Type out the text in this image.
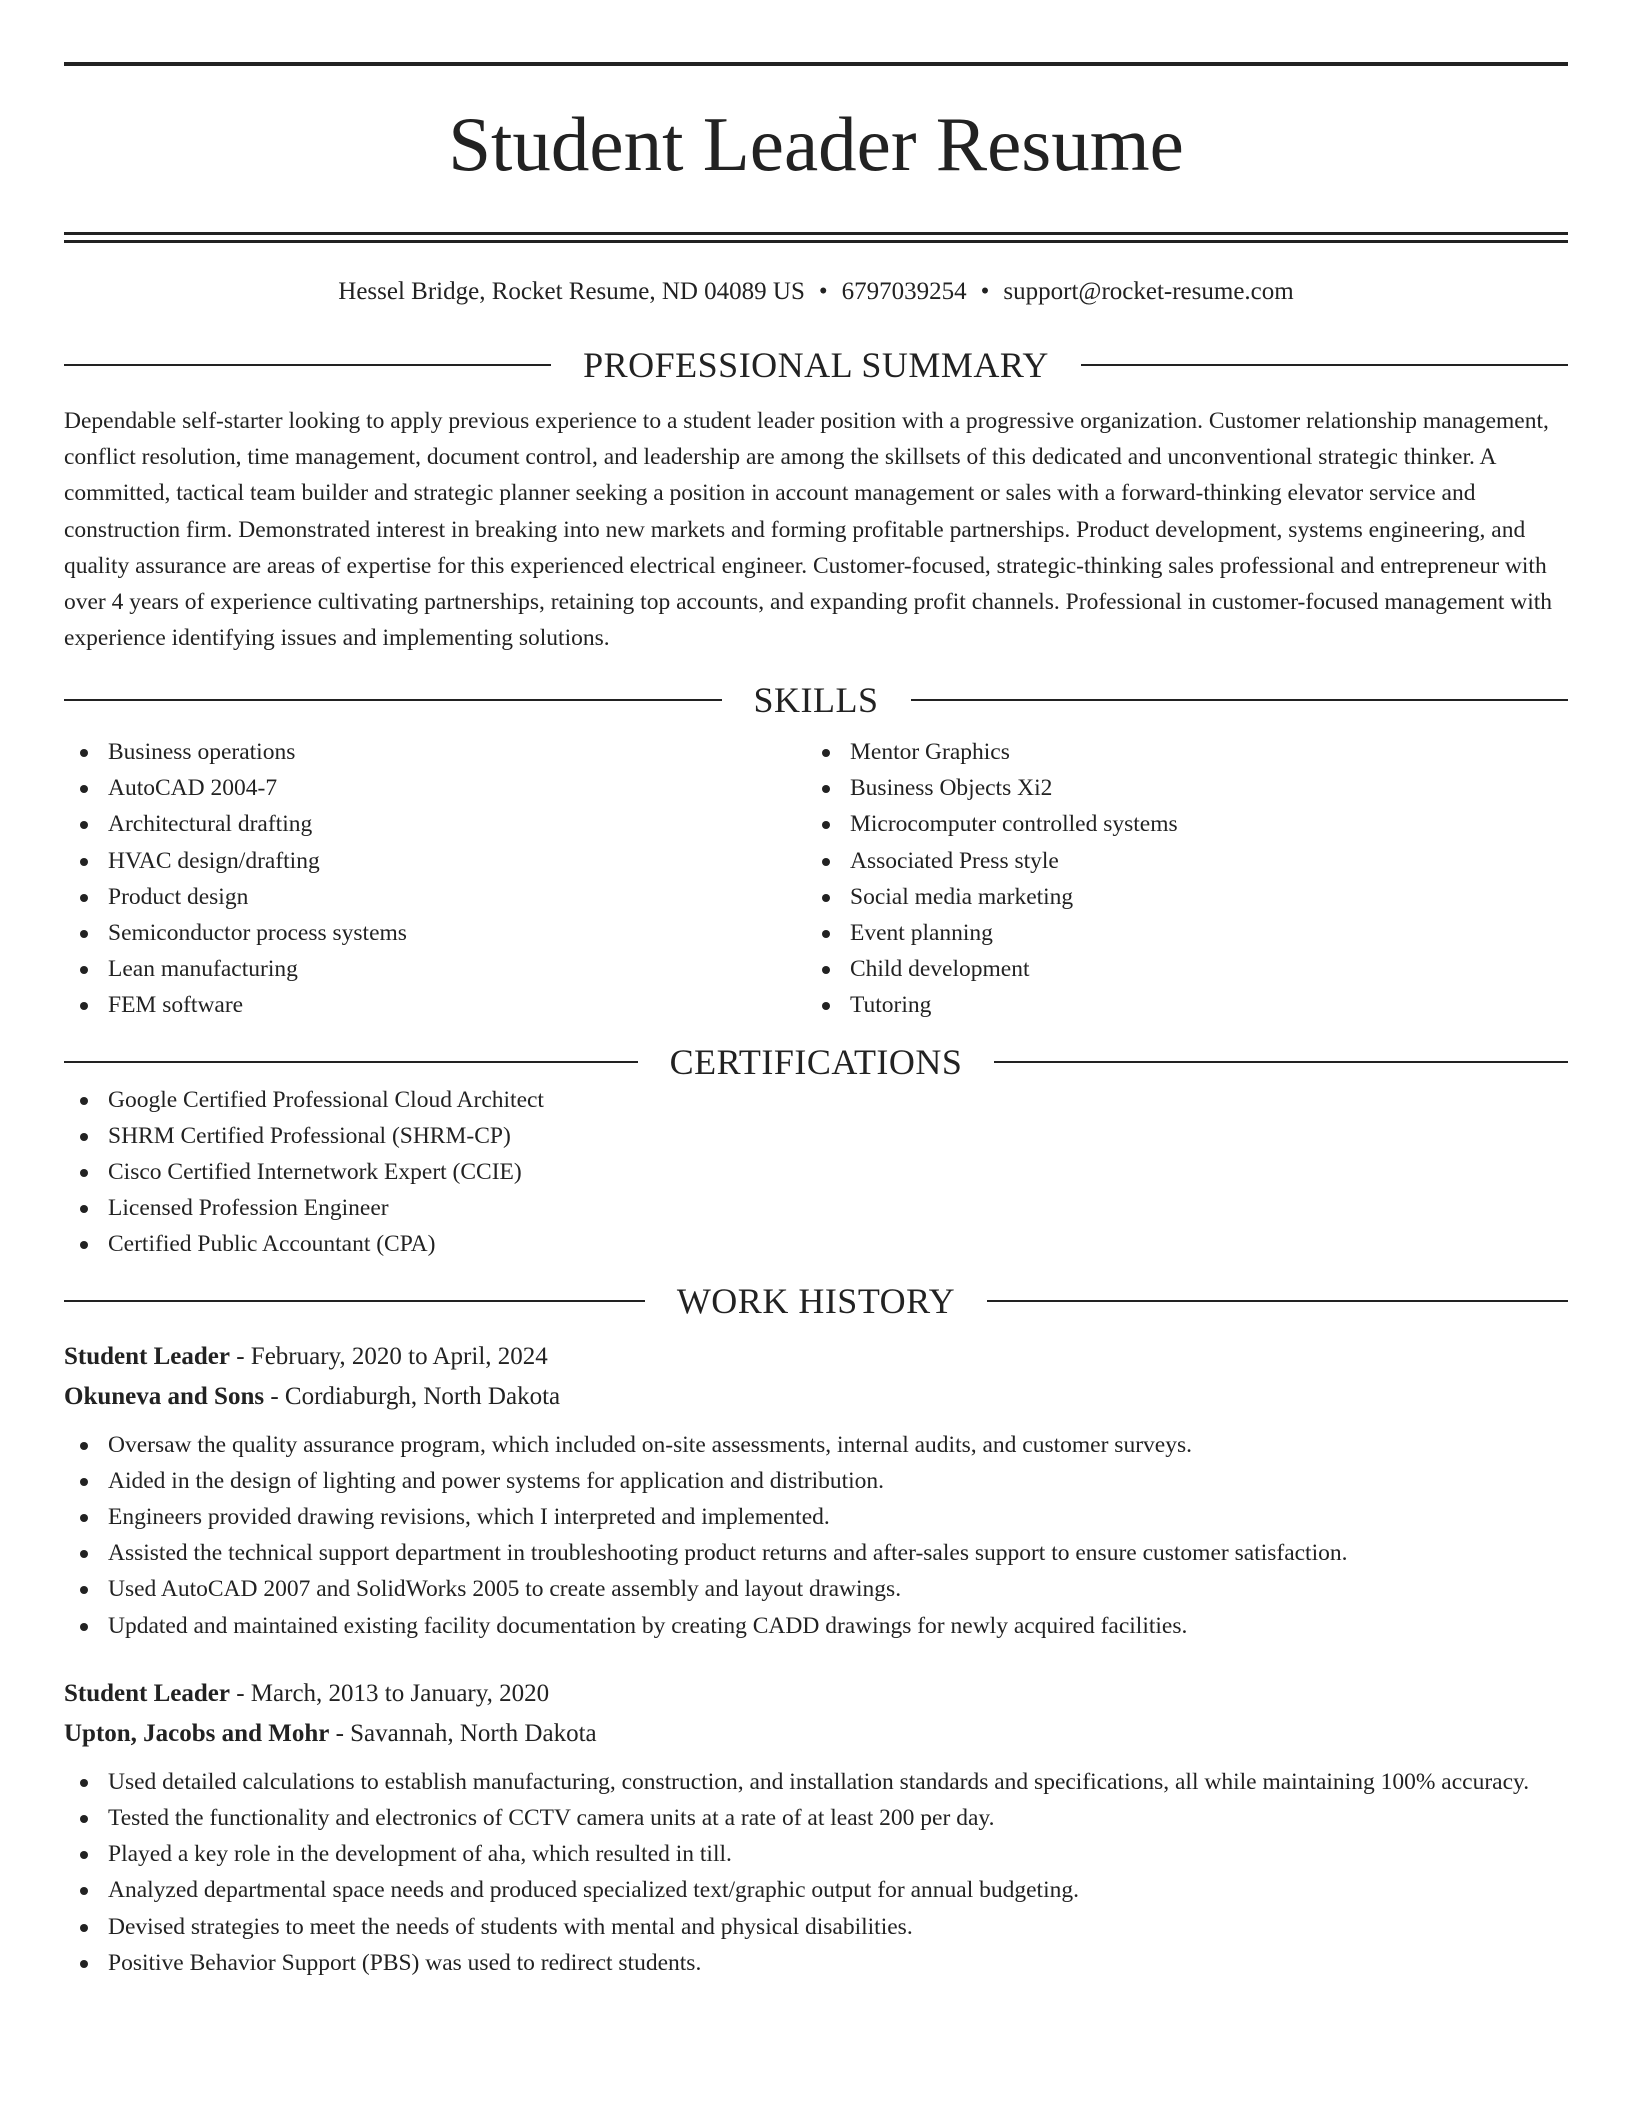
Student Leader Resume
Hessel Bridge, Rocket Resume, ND 04089 US • 6797039254 • support@rocket-resume.com
PROFESSIONAL SUMMARY

Dependable self-starter looking to apply previous experience to a student leader position with a progressive organization. Customer relationship management, conflict resolution, time management, document control, and leadership are among the skillsets of this dedicated and unconventional strategic thinker. A committed, tactical team builder and strategic planner seeking a position in account management or sales with a forward-thinking elevator service and construction firm. Demonstrated interest in breaking into new markets and forming profitable partnerships. Product development, systems engineering, and quality assurance are areas of expertise for this experienced electrical engineer. Customer-focused, strategic-thinking sales professional and entrepreneur with over 4 years of experience cultivating partnerships, retaining top accounts, and expanding profit channels. Professional in customer-focused management with experience identifying issues and implementing solutions.

SKILLS
Business operations
AutoCAD 2004-7
Architectural drafting
HVAC design/drafting
Product design
Semiconductor process systems
Lean manufacturing
FEM software
Mentor Graphics
Business Objects Xi2
Microcomputer controlled systems
Associated Press style
Social media marketing
Event planning
Child development
Tutoring
CERTIFICATIONS
Google Certified Professional Cloud Architect
SHRM Certified Professional (SHRM-CP)
Cisco Certified Internetwork Expert (CCIE)
Licensed Profession Engineer
Certified Public Accountant (CPA)
WORK HISTORY
Student Leader - February, 2020 to April, 2024
Okuneva and Sons - Cordiaburgh, North Dakota
Oversaw the quality assurance program, which included on-site assessments, internal audits, and customer surveys.
Aided in the design of lighting and power systems for application and distribution.
Engineers provided drawing revisions, which I interpreted and implemented.
Assisted the technical support department in troubleshooting product returns and after-sales support to ensure customer satisfaction.
Used AutoCAD 2007 and SolidWorks 2005 to create assembly and layout drawings.
Updated and maintained existing facility documentation by creating CADD drawings for newly acquired facilities.
Student Leader - March, 2013 to January, 2020
Upton, Jacobs and Mohr - Savannah, North Dakota
Used detailed calculations to establish manufacturing, construction, and installation standards and specifications, all while maintaining 100% accuracy.
Tested the functionality and electronics of CCTV camera units at a rate of at least 200 per day.
Played a key role in the development of aha, which resulted in till.
Analyzed departmental space needs and produced specialized text/graphic output for annual budgeting.
Devised strategies to meet the needs of students with mental and physical disabilities.
Positive Behavior Support (PBS) was used to redirect students.
